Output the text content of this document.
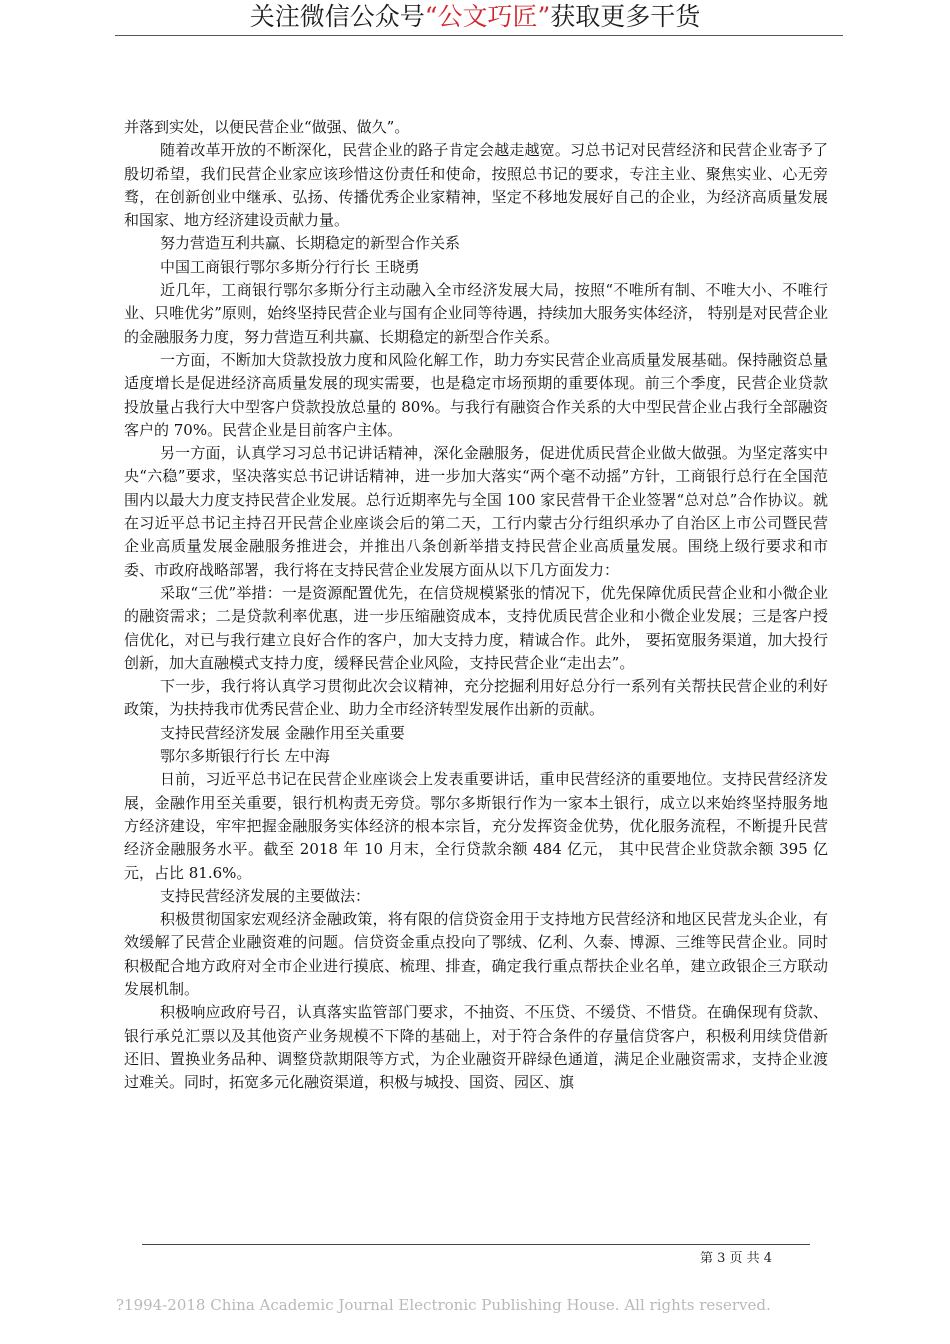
关注微信公众号“公文巧匠”获取更多干货

并落到实处，以便民营企业“做强、做久”。

随着改革开放的不断深化，民营企业的路子肯定会越走越宽。习总书记对民营经济和民营企业寄予了殷切希望，我们民营企业家应该珍惜这份责任和使命，按照总书记的要求，专注主业、聚焦实业、心无旁骛，在创新创业中继承、弘扬、传播优秀企业家精神，坚定不移地发展好自己的企业，为经济高质量发展和国家、地方经济建设贡献力量。

努力营造互利共赢、长期稳定的新型合作关系

中国工商银行鄂尔多斯分行行长 王晓勇

近几年，工商银行鄂尔多斯分行主动融入全市经济发展大局，按照“不唯所有制、不唯大小、不唯行业、只唯优劣”原则，始终坚持民营企业与国有企业同等待遇，持续加大服务实体经济， 特别是对民营企业的金融服务力度，努力营造互利共赢、长期稳定的新型合作关系。

一方面，不断加大贷款投放力度和风险化解工作，助力夯实民营企业高质量发展基础。保持融资总量适度增长是促进经济高质量发展的现实需要，也是稳定市场预期的重要体现。前三个季度，民营企业贷款投放量占我行大中型客户贷款投放总量的 80%。与我行有融资合作关系的大中型民营企业占我行全部融资客户的 70%。民营企业是目前客户主体。

另一方面，认真学习习总书记讲话精神，深化金融服务，促进优质民营企业做大做强。为坚定落实中央“六稳”要求，坚决落实总书记讲话精神，进一步加大落实“两个毫不动摇”方针，工商银行总行在全国范围内以最大力度支持民营企业发展。总行近期率先与全国 100 家民营骨干企业签署“总对总”合作协议。就在习近平总书记主持召开民营企业座谈会后的第二天，工行内蒙古分行组织承办了自治区上市公司暨民营企业高质量发展金融服务推进会，并推出八条创新举措支持民营企业高质量发展。围绕上级行要求和市委、市政府战略部署，我行将在支持民营企业发展方面从以下几方面发力：

采取“三优”举措：一是资源配置优先，在信贷规模紧张的情况下，优先保障优质民营企业和小微企业的融资需求；二是贷款利率优惠，进一步压缩融资成本，支持优质民营企业和小微企业发展；三是客户授信优化，对已与我行建立良好合作的客户，加大支持力度，精诚合作。此外， 要拓宽服务渠道，加大投行创新，加大直融模式支持力度，缓释民营企业风险，支持民营企业“走出去”。

下一步，我行将认真学习贯彻此次会议精神，充分挖掘利用好总分行一系列有关帮扶民营企业的利好政策，为扶持我市优秀民营企业、助力全市经济转型发展作出新的贡献。

支持民营经济发展 金融作用至关重要

鄂尔多斯银行行长 左中海

日前，习近平总书记在民营企业座谈会上发表重要讲话，重申民营经济的重要地位。支持民营经济发展，金融作用至关重要，银行机构责无旁贷。鄂尔多斯银行作为一家本土银行，成立以来始终坚持服务地方经济建设，牢牢把握金融服务实体经济的根本宗旨，充分发挥资金优势，优化服务流程，不断提升民营经济金融服务水平。截至 2018 年 10 月末，全行贷款余额 484 亿元， 其中民营企业贷款余额 395 亿元，占比 81.6%。

支持民营经济发展的主要做法：

积极贯彻国家宏观经济金融政策，将有限的信贷资金用于支持地方民营经济和地区民营龙头企业，有效缓解了民营企业融资难的问题。信贷资金重点投向了鄂绒、亿利、久泰、博源、三维等民营企业。同时积极配合地方政府对全市企业进行摸底、梳理、排查，确定我行重点帮扶企业名单，建立政银企三方联动发展机制。

积极响应政府号召，认真落实监管部门要求，不抽资、不压贷、不缓贷、不惜贷。在确保现有贷款、银行承兑汇票以及其他资产业务规模不下降的基础上，对于符合条件的存量信贷客户，积极利用续贷借新还旧、置换业务品种、调整贷款期限等方式，为企业融资开辟绿色通道，满足企业融资需求，支持企业渡过难关。同时，拓宽多元化融资渠道，积极与城投、国资、园区、旗

第 3 页 共 4
?1994-2018 China Academic Journal Electronic Publishing House. All rights reserved.
